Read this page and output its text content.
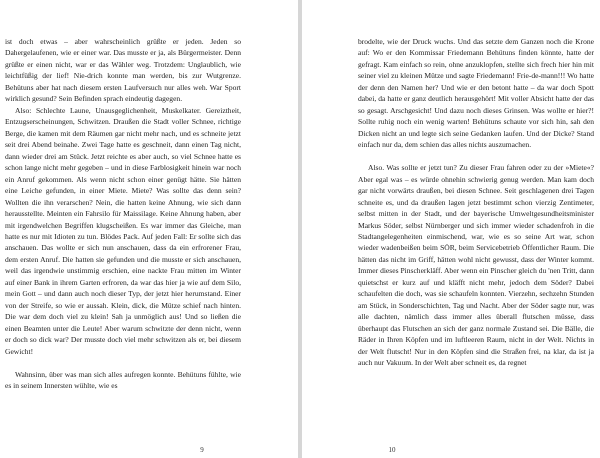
ist doch etwas – aber wahrscheinlich grüßte er jeden. Jeden so Dahergelaufenen, wie er einer war. Das musste er ja, als Bürgermeister. Denn grüßte er einen nicht, war er das Wähler weg. Trotzdem: Unglaublich, wie leichtfüßig der lief! Nie-drich konnte man werden, bis zur Wutgrenze. Behütuns aber hat nach diesem ersten Laufversuch nur alles weh. War Sport wirklich gesund? Sein Befinden sprach eindeutig dagegen.

Also: Schlechte Laune, Unausgeglichenheit, Muskelkater. Gereiztheit, Entzugserscheinungen, Schwitzen. Draußen die Stadt voller Schnee, richtige Berge, die kamen mit dem Räumen gar nicht mehr nach, und es schneite jetzt seit drei Abend beinahe. Zwei Tage hatte es geschneit, dann einen Tag nicht, dann wieder drei am Stück. Jetzt reichte es aber auch, so viel Schnee hatte es schon lange nicht mehr gegeben – und in diese Farblosigkeit hinein war noch ein Anruf gekommen. Als wenn nicht schon einer genügt hätte. Sie hätten eine Leiche gefunden, in einer Miete. Miete? Was sollte das denn sein? Wollten die ihn verarschen? Nein, die hatten keine Ahnung, wie sich dann herausstellte. Meinten ein Fahrsilo für Maissilage. Keine Ahnung haben, aber mit irgendwelchen Begriffen klugscheißen. Es war immer das Gleiche, man hatte es nur mit Idioten zu tun. Blödes Pack. Auf jeden Fall: Er sollte sich das anschauen. Das wollte er sich nun anschauen, dass da ein erfrorener Frau, dem ersten Anruf. Die hatten sie gefunden und die musste er sich anschauen, weil das irgendwie unstimmig erschien, eine nackte Frau mitten im Winter auf einer Bank in ihrem Garten erfroren, da war das hier ja wie auf dem Silo, mein Gott – und dann auch noch dieser Typ, der jetzt hier herumstand. Einer von der Streife, so wie er aussah. Klein, dick, die Mütze schief nach hinten. Die war dem doch viel zu klein! Sah ja unmöglich aus! Und so ließen die einen Beamten unter die Leute! Aber warum schwitzte der denn nicht, wenn er doch so dick war? Der musste doch viel mehr schwitzen als er, bei diesem Gewicht!

Wahnsinn, über was man sich alles aufregen konnte. Behütuns fühlte, wie es in seinem Innersten wühlte, wie es

9

brodelte, wie der Druck wuchs. Und das setzte dem Ganzen noch die Krone auf: Wo er den Kommissar Friedemann Behütuns finden könnte, hatte der gefragt. Kam einfach so rein, ohne anzuklopfen, stellte sich frech hier hin mit seiner viel zu kleinen Mütze und sagte Friedemann! Frie-de-mann!!! Wo hatte der denn den Namen her? Und wie er den betont hatte – da war doch Spott dabei, da hatte er ganz deutlich herausgehört! Mit voller Absicht hatte der das so gesagt. Arschgesicht! Und dazu noch dieses Grinsen. Was wollte er hier?! Sollte ruhig noch ein wenig warten! Behütuns schaute vor sich hin, sah den Dicken nicht an und legte sich seine Gedanken laufen. Und der Dicke? Stand einfach nur da, dem schien das alles nichts auszumachen.

Also. Was sollte er jetzt tun? Zu dieser Frau fahren oder zu der »Miete«? Aber egal was – es würde ohnehin schwierig genug werden. Man kam doch gar nicht vorwärts draußen, bei diesen Schnee. Seit geschlagenen drei Tagen schneite es, und da draußen lagen jetzt bestimmt schon vierzig Zentimeter, selbst mitten in der Stadt, und der bayerische Umweltgesundheitsminister Markus Söder, selbst Nürnberger und sich immer wieder schadenfroh in die Stadtangelegenheiten einmischend, war, wie es so seine Art war, schon wieder wadenbeißen beim SÖR, beim Servicebetrieb Öffentlicher Raum. Die hätten das nicht im Griff, hätten wohl nicht gewusst, dass der Winter kommt. Immer dieses Pinscherkläff. Aber wenn ein Pinscher gleich du 'nen Tritt, dann quietschst er kurz auf und kläfft nicht mehr, jedoch dem Söder? Dabei schaufelten die doch, was sie schaufeln konnten. Vierzehn, sechzehn Stunden am Stück, in Sonderschichten, Tag und Nacht. Aber der Söder sagte nur, was alle dachten, nämlich dass immer alles überall flutschen müsse, dass überhaupt das Flutschen an sich der ganz normale Zustand sei. Die Bälle, die Räder in Ihren Köpfen und im luftleeren Raum, nicht in der Welt. Nichts in der Welt flutscht! Nur in den Köpfen sind die Straßen frei, na klar, da ist ja auch nur Vakuum. In der Welt aber schneit es, da regnet

10
